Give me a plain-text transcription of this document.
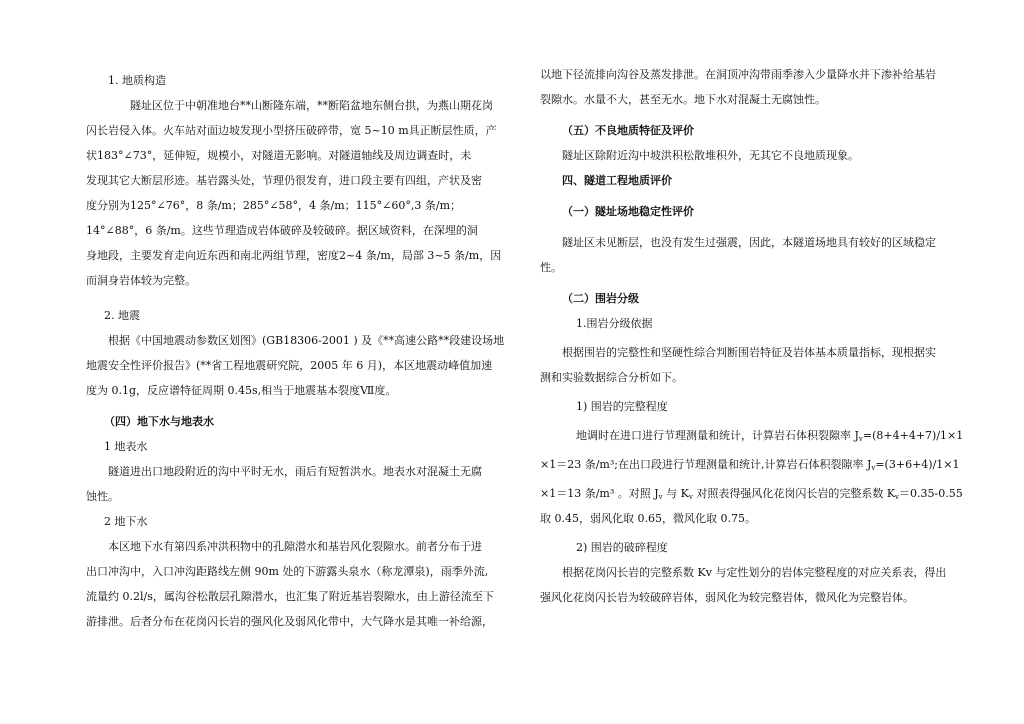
1. 地质构造

隧址区位于中朝准地台**山断隆东端，**断陷盆地东侧台拱，为燕山期花岗

闪长岩侵入体。火车站对面边坡发现小型挤压破碎带，宽 5~10 m具正断层性质，产

状183°∠73°，延伸短，规模小，对隧道无影响。对隧道轴线及周边调查时，未

发现其它大断层形迹。基岩露头处，节理仍很发育，进口段主要有四组，产状及密

度分别为125°∠76°，8 条/m；285°∠58°，4 条/m；115°∠60°,3 条/m；

14°∠88°，6 条/m。这些节理造成岩体破碎及较破碎。据区域资料，在深埋的洞

身地段，主要发育走向近东西和南北两组节理，密度2~4 条/m，局部 3~5 条/m，因

而洞身岩体较为完整。

2. 地震

根据《中国地震动参数区划图》(GB18306-2001 ) 及《**高速公路**段建设场地

地震安全性评价报告》(**省工程地震研究院，2005 年 6 月)，本区地震动峰值加速

度为 0.1g，反应谱特征周期 0.45s,相当于地震基本裂度Ⅶ度。

（四）地下水与地表水

1 地表水

隧道进出口地段附近的沟中平时无水，雨后有短暂洪水。地表水对混凝土无腐

蚀性。

2 地下水

本区地下水有第四系冲洪积物中的孔隙潜水和基岩风化裂隙水。前者分布于进

出口冲沟中，入口冲沟距路线左侧 90m 处的下游露头泉水（称龙潭泉)，雨季外流,

流量约 0.2l/s，属沟谷松散层孔隙潜水，也汇集了附近基岩裂隙水，由上游径流至下

游排泄。后者分布在花岗闪长岩的强风化及弱风化带中，大气降水是其唯一补给源，

以地下径流排向沟谷及蒸发排泄。在洞顶冲沟带雨季渗入少量降水并下渗补给基岩

裂隙水。水量不大，甚至无水。地下水对混凝土无腐蚀性。

（五）不良地质特征及评价

隧址区除附近沟中坡洪积松散堆积外，无其它不良地质现象。

四、隧道工程地质评价

（一）隧址场地稳定性评价

隧址区未见断层，也没有发生过强震，因此，本隧道场地具有较好的区域稳定

性。

（二）围岩分级

1.围岩分级依据

根据围岩的完整性和坚硬性综合判断围岩特征及岩体基本质量指标，现根据实

测和实验数据综合分析如下。

1) 围岩的完整程度

地调时在进口进行节理测量和统计，计算岩石体积裂隙率 $J_v=(8+4+4+7)/1\times 1$

×1＝23 条/m³;在出口段进行节理测量和统计,计算岩石体积裂隙率 $J_v=(3+6+4)/1\times 1$

×1＝13 条/m³ 。对照 $J_v$ 与 $K_v$ 对照表得强风化花岗闪长岩的完整系数 $K_v=0.35-0.55$

取 0.45，弱风化取 0.65，微风化取 0.75。

2) 围岩的破碎程度

根据花岗闪长岩的完整系数 Kv 与定性划分的岩体完整程度的对应关系表，得出

强风化花岗闪长岩为较破碎岩体，弱风化为较完整岩体，微风化为完整岩体。
